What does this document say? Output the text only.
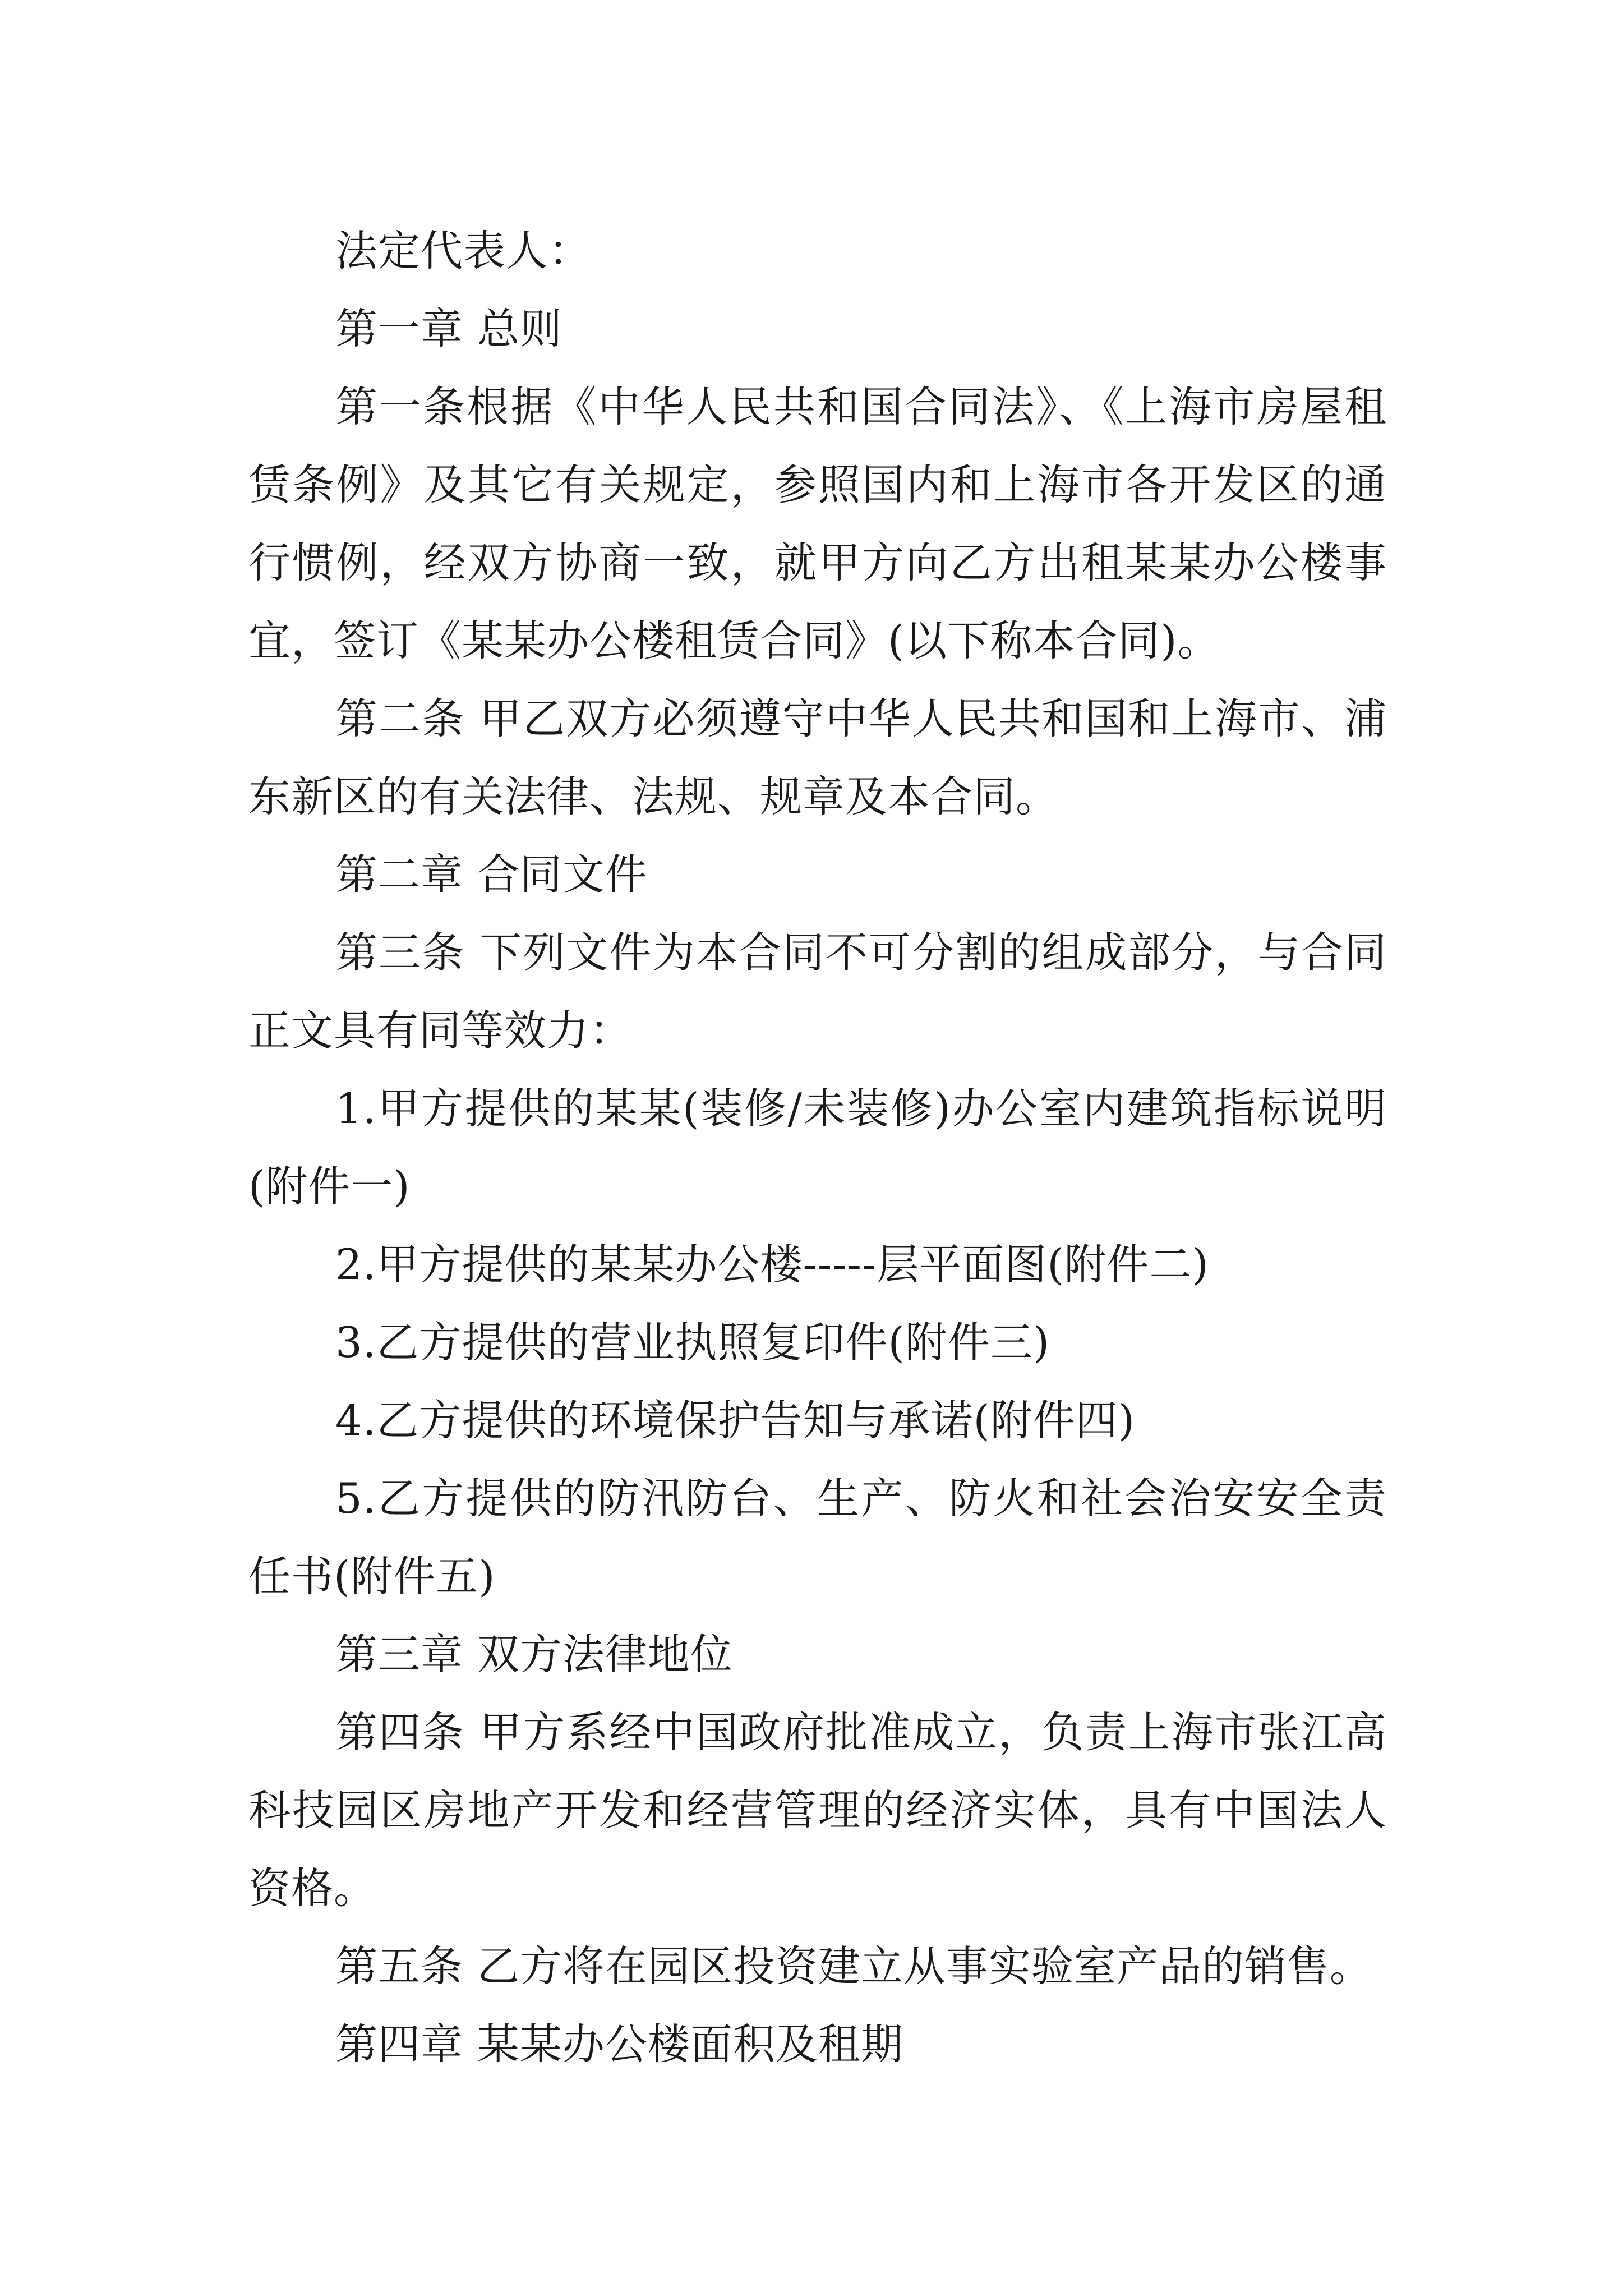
法定代表人：

第一章 总则

第一条根据《中华人民共和国合同法》、《上海市房屋租赁条例》及其它有关规定，参照国内和上海市各开发区的通行惯例，经双方协商一致，就甲方向乙方出租某某办公楼事宜，签订《某某办公楼租赁合同》(以下称本合同)。

第二条 甲乙双方必须遵守中华人民共和国和上海市、浦东新区的有关法律、法规、规章及本合同。

第二章 合同文件

第三条 下列文件为本合同不可分割的组成部分，与合同正文具有同等效力：

1.甲方提供的某某(装修/未装修)办公室内建筑指标说明(附件一)

2.甲方提供的某某办公楼-----层平面图(附件二)

3.乙方提供的营业执照复印件(附件三)

4.乙方提供的环境保护告知与承诺(附件四)

5.乙方提供的防汛防台、生产、防火和社会治安安全责任书(附件五)

第三章 双方法律地位

第四条 甲方系经中国政府批准成立，负责上海市张江高科技园区房地产开发和经营管理的经济实体，具有中国法人资格。

第五条 乙方将在园区投资建立从事实验室产品的销售。

第四章 某某办公楼面积及租期
